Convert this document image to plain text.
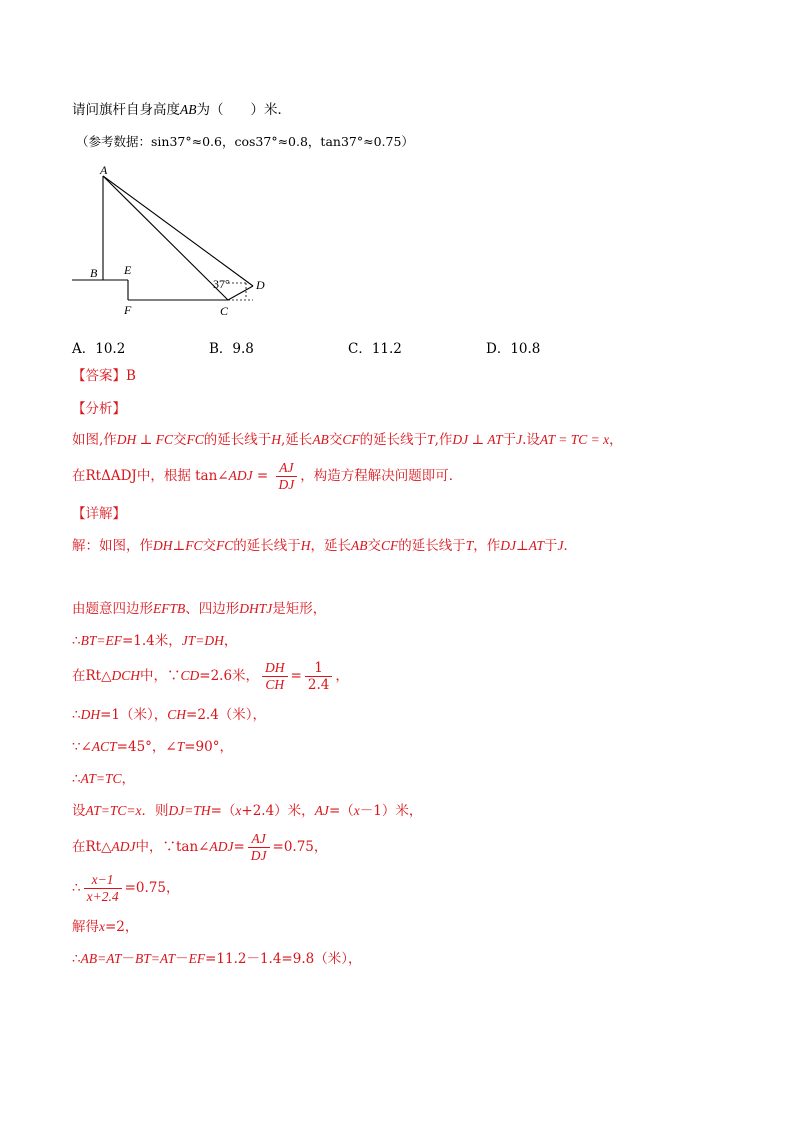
请问旗杆自身高度AB为（　　）米．
（参考数据：sin37°≈0.6，cos37°≈0.8，tan37°≈0.75）
A
B E
F	C
D
37°
A．10.2	B．9.8	C．11.2	D．10.8
【答案】B
【分析】
如图,作DH ⊥ FC交FC的延长线于H,延长AB交CF的延长线于T,作DJ ⊥ AT于J.设AT = TC = x，
在RtΔADJ中，根据 tan∠ADJ = $\frac{AJ}{DJ}$ ，构造方程解决问题即可．
【详解】
解：如图，作DH⊥FC交FC的延长线于H，延长AB交CF的延长线于T，作DJ⊥AT于J．
由题意四边形EFTB、四边形DHTJ是矩形，
∴BT=EF=1.4米，JT=DH，
在Rt△DCH中，∵CD=2.6米， $\frac{DH}{CH} = \frac{1}{2.4}$ ，
∴DH=1（米），CH=2.4（米），
∵∠ACT=45°，∠T=90°，
∴AT=TC，
设AT=TC=x．则DJ=TH=（x+2.4）米，AJ=（x－1）米，
在Rt△ADJ中，∵tan∠ADJ= $\frac{AJ}{DJ} =0.75$，
∴ $\frac{x-1}{x+2.4} =0.75$，
解得x=2，
∴AB=AT－BT=AT－EF=11.2－1.4=9.8（米），
